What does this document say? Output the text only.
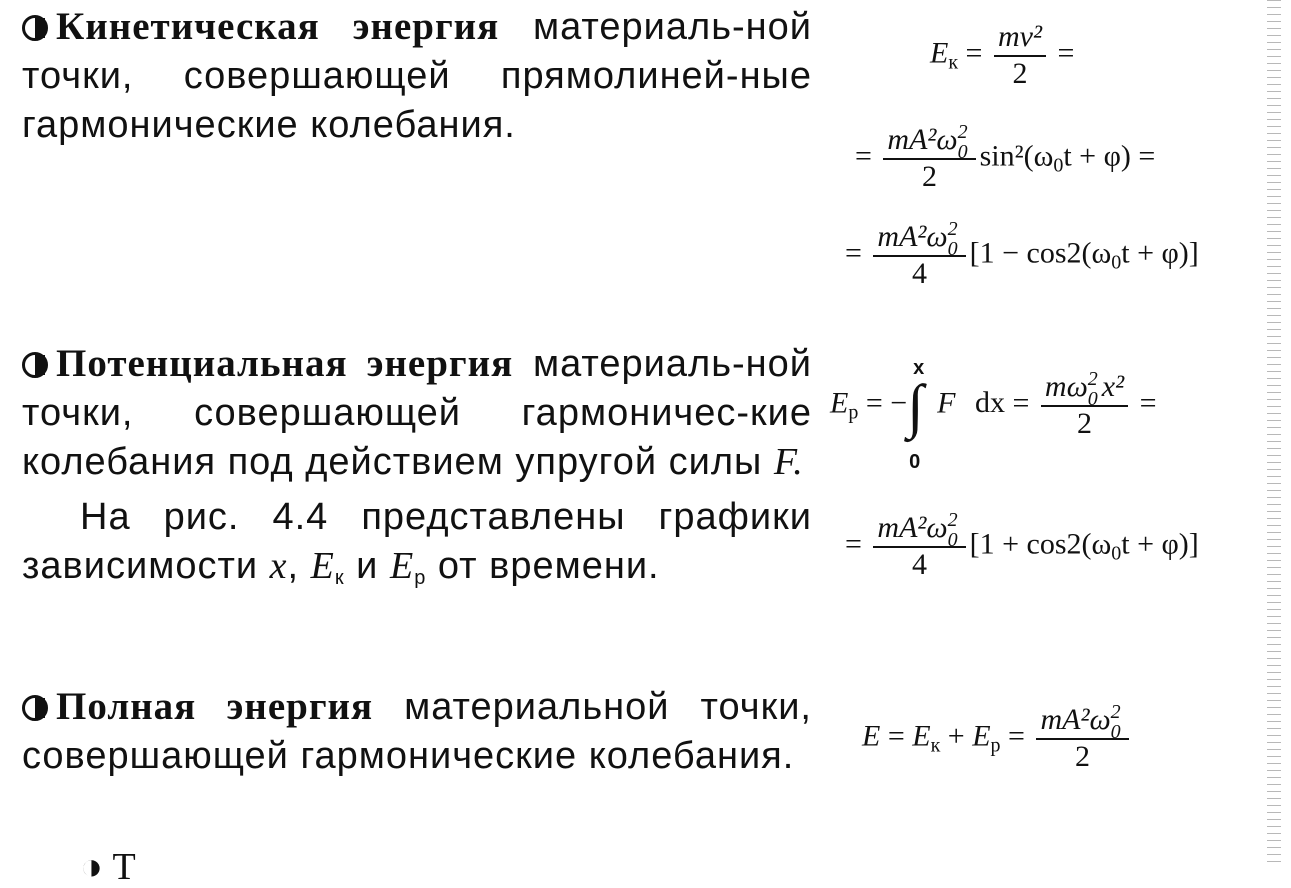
Кинетическая энергия материаль-ной точки, совершающей прямолиней-ные гармонические колебания.

Потенциальная энергия материаль-ной точки, совершающей гармоничес-кие колебания под действием упругой силы F.

На рис. 4.4 представлены графики зависимости x, $E_к$ и $E_р$ от времени.

Полная энергия материальной точки, совершающей гармонические колебания.

$E_к = \frac{\text{mv²}}{2}$ =
= mA²ω 2
0
2 $\sin^2(\omega_0t + \varphi)$ =
= mA²ω 2
0
4 $[1 - \cos 2(\omega_0t + \varphi)]$
$E_p$ = −∫
x
0
F dx = mω 2
0 x²
2 =
= mA²ω 2
0
4 $[1 + \cos 2(\omega_0t + \varphi)]$
$E = E_к + E_p = mA^2\omega$ 2
0
2
◑ Т
